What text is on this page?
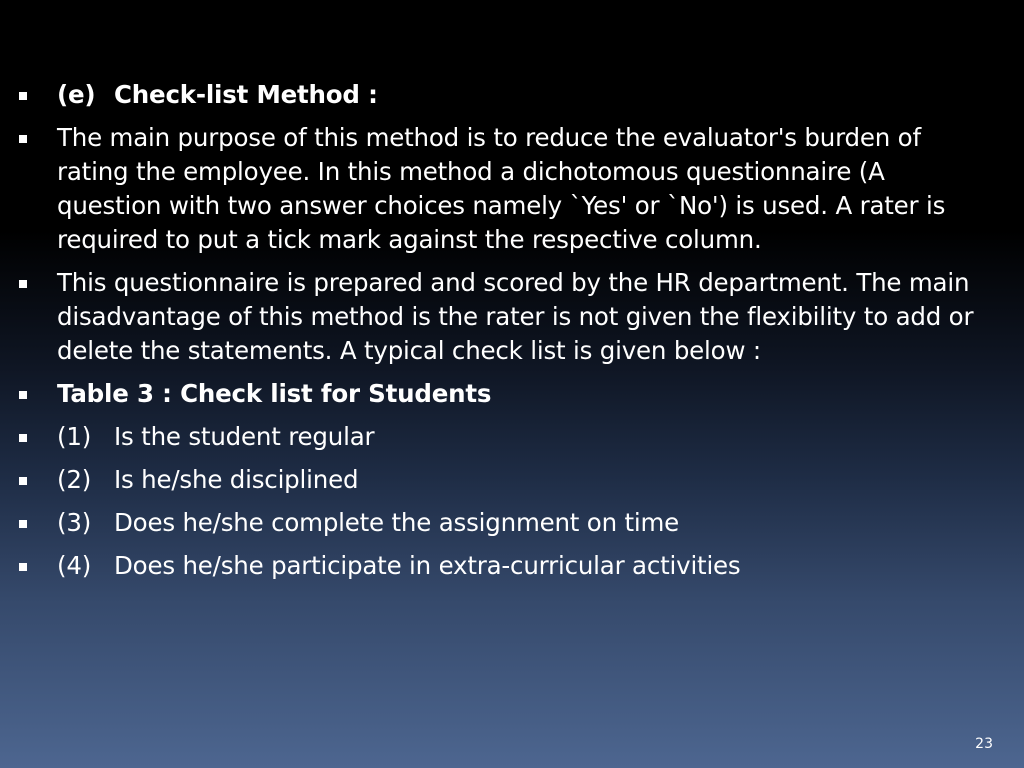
(e) Check-list Method :
The main purpose of this method is to reduce the evaluator's burden of rating the employee. In this method a dichotomous questionnaire (A question with two answer choices namely `Yes' or `No') is used. A rater is required to put a tick mark against the respective column.
This questionnaire is prepared and scored by the HR department. The main disadvantage of this method is the rater is not given the flexibility to add or delete the statements. A typical check list is given below :
Table 3 : Check list for Students
(1) Is the student regular
(2) Is he/she disciplined
(3) Does he/she complete the assignment on time
(4) Does he/she participate in extra-curricular activities
23
